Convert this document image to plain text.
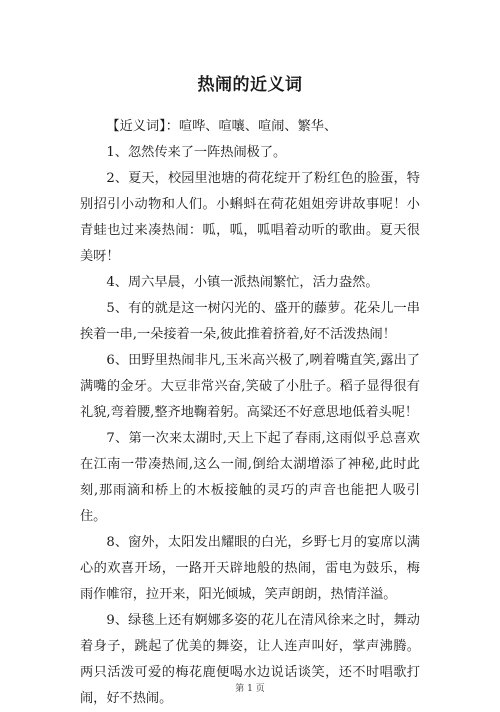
热闹的近义词

【近义词】：喧哗、喧嚷、喧闹、繁华、

1、忽然传来了一阵热闹极了。

2、夏天，校园里池塘的荷花绽开了粉红色的脸蛋，特别招引小动物和人们。小蝌蚪在荷花姐姐旁讲故事呢！小青蛙也过来凑热闹：呱，呱，呱唱着动听的歌曲。夏天很美呀！

4、周六早晨，小镇一派热闹繁忙，活力盎然。

5、有的就是这一树闪光的、盛开的藤萝。花朵儿一串挨着一串,一朵接着一朵,彼此推着挤着,好不活泼热闹！

6、田野里热闹非凡,玉米高兴极了,咧着嘴直笑,露出了满嘴的金牙。大豆非常兴奋,笑破了小肚子。稻子显得很有礼貌,弯着腰,整齐地鞠着躬。高粱还不好意思地低着头呢！

7、第一次来太湖时,天上下起了春雨,这雨似乎总喜欢在江南一带凑热闹,这么一闹,倒给太湖增添了神秘,此时此刻,那雨滴和桥上的木板接触的灵巧的声音也能把人吸引住。

8、窗外，太阳发出耀眼的白光，乡野七月的宴席以满心的欢喜开场，一路开天辟地般的热闹，雷电为鼓乐，梅雨作帷帘，拉开来，阳光倾城，笑声朗朗，热情洋溢。

9、绿毯上还有婀娜多姿的花儿在清风徐来之时，舞动着身子，跳起了优美的舞姿，让人连声叫好，掌声沸腾。两只活泼可爱的梅花鹿便喝水边说话谈笑，还不时唱歌打闹，好不热闹。

第 1 页
